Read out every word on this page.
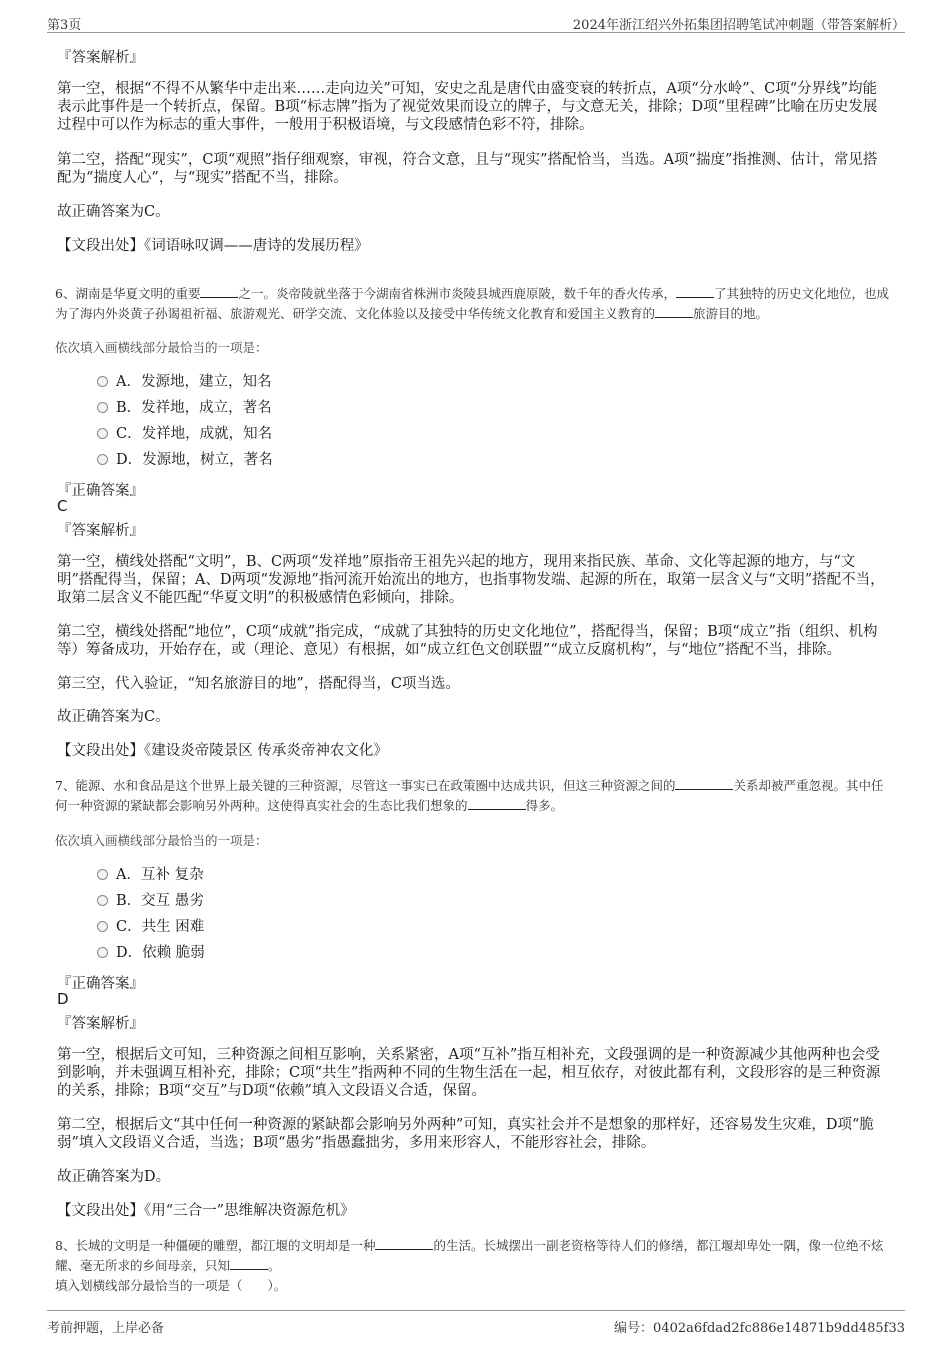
第3页	2024年浙江绍兴外拓集团招聘笔试冲刺题（带答案解析）
『答案解析』
第一空，根据“不得不从繁华中走出来……走向边关”可知，安史之乱是唐代由盛变衰的转折点，A项“分水岭”、C项“分界线”均能表示此事件是一个转折点，保留。B项“标志牌”指为了视觉效果而设立的牌子，与文意无关，排除；D项“里程碑”比喻在历史发展过程中可以作为标志的重大事件，一般用于积极语境，与文段感情色彩不符，排除。
第二空，搭配“现实”，C项“观照”指仔细观察，审视，符合文意，且与“现实”搭配恰当，当选。A项“揣度”指推测、估计，常见搭配为“揣度人心”，与“现实”搭配不当，排除。
故正确答案为C。
【文段出处】《词语咏叹调——唐诗的发展历程》
6、湖南是华夏文明的重要	之一。炎帝陵就坐落于今湖南省株洲市炎陵县城西鹿原陂，数千年的香火传承，	了其独特的历史文化地位，也成为了海内外炎黄子孙谒祖祈福、旅游观光、研学交流、文化体验以及接受中华传统文化教育和爱国主义教育的	旅游目的地。
依次填入画横线部分最恰当的一项是：
A．发源地，建立，知名
B．发祥地，成立，著名
C．发祥地，成就，知名
D．发源地，树立，著名
『正确答案』
C
『答案解析』
第一空，横线处搭配“文明”，B、C两项“发祥地”原指帝王祖先兴起的地方，现用来指民族、革命、文化等起源的地方，与“文明”搭配得当，保留；A、D两项“发源地”指河流开始流出的地方，也指事物发端、起源的所在，取第一层含义与“文明”搭配不当，取第二层含义不能匹配“华夏文明”的积极感情色彩倾向，排除。
第二空，横线处搭配“地位”，C项“成就”指完成，“成就了其独特的历史文化地位”，搭配得当，保留；B项“成立”指（组织、机构等）筹备成功，开始存在，或（理论、意见）有根据，如“成立红色文创联盟”“成立反腐机构”，与“地位”搭配不当，排除。
第三空，代入验证，“知名旅游目的地”，搭配得当，C项当选。
故正确答案为C。
【文段出处】《建设炎帝陵景区 传承炎帝神农文化》
7、能源、水和食品是这个世界上最关键的三种资源，尽管这一事实已在政策圈中达成共识，但这三种资源之间的	关系却被严重忽视。其中任何一种资源的紧缺都会影响另外两种。这使得真实社会的生态比我们想象的	得多。
依次填入画横线部分最恰当的一项是：
A．互补 复杂
B．交互 愚劣
C．共生 困难
D．依赖 脆弱
『正确答案』
D
『答案解析』
第一空，根据后文可知，三种资源之间相互影响，关系紧密，A项“互补”指互相补充，文段强调的是一种资源减少其他两种也会受到影响，并未强调互相补充，排除；C项“共生”指两种不同的生物生活在一起，相互依存，对彼此都有利，文段形容的是三种资源的关系，排除；B项“交互”与D项“依赖”填入文段语义合适，保留。
第二空，根据后文“其中任何一种资源的紧缺都会影响另外两种”可知，真实社会并不是想象的那样好，还容易发生灾难，D项“脆弱”填入文段语义合适，当选；B项“愚劣”指愚蠢拙劣，多用来形容人，不能形容社会，排除。
故正确答案为D。
【文段出处】《用“三合一”思维解决资源危机》
8、长城的文明是一种僵硬的雕塑，都江堰的文明却是一种	的生活。长城摆出一副老资格等待人们的修缮，都江堰却卑处一隅，像一位绝不炫耀、毫无所求的乡间母亲，只知	。
填入划横线部分最恰当的一项是（　　）。
考前押题，上岸必备	编号：0402a6fdad2fc886e14871b9dd485f33
